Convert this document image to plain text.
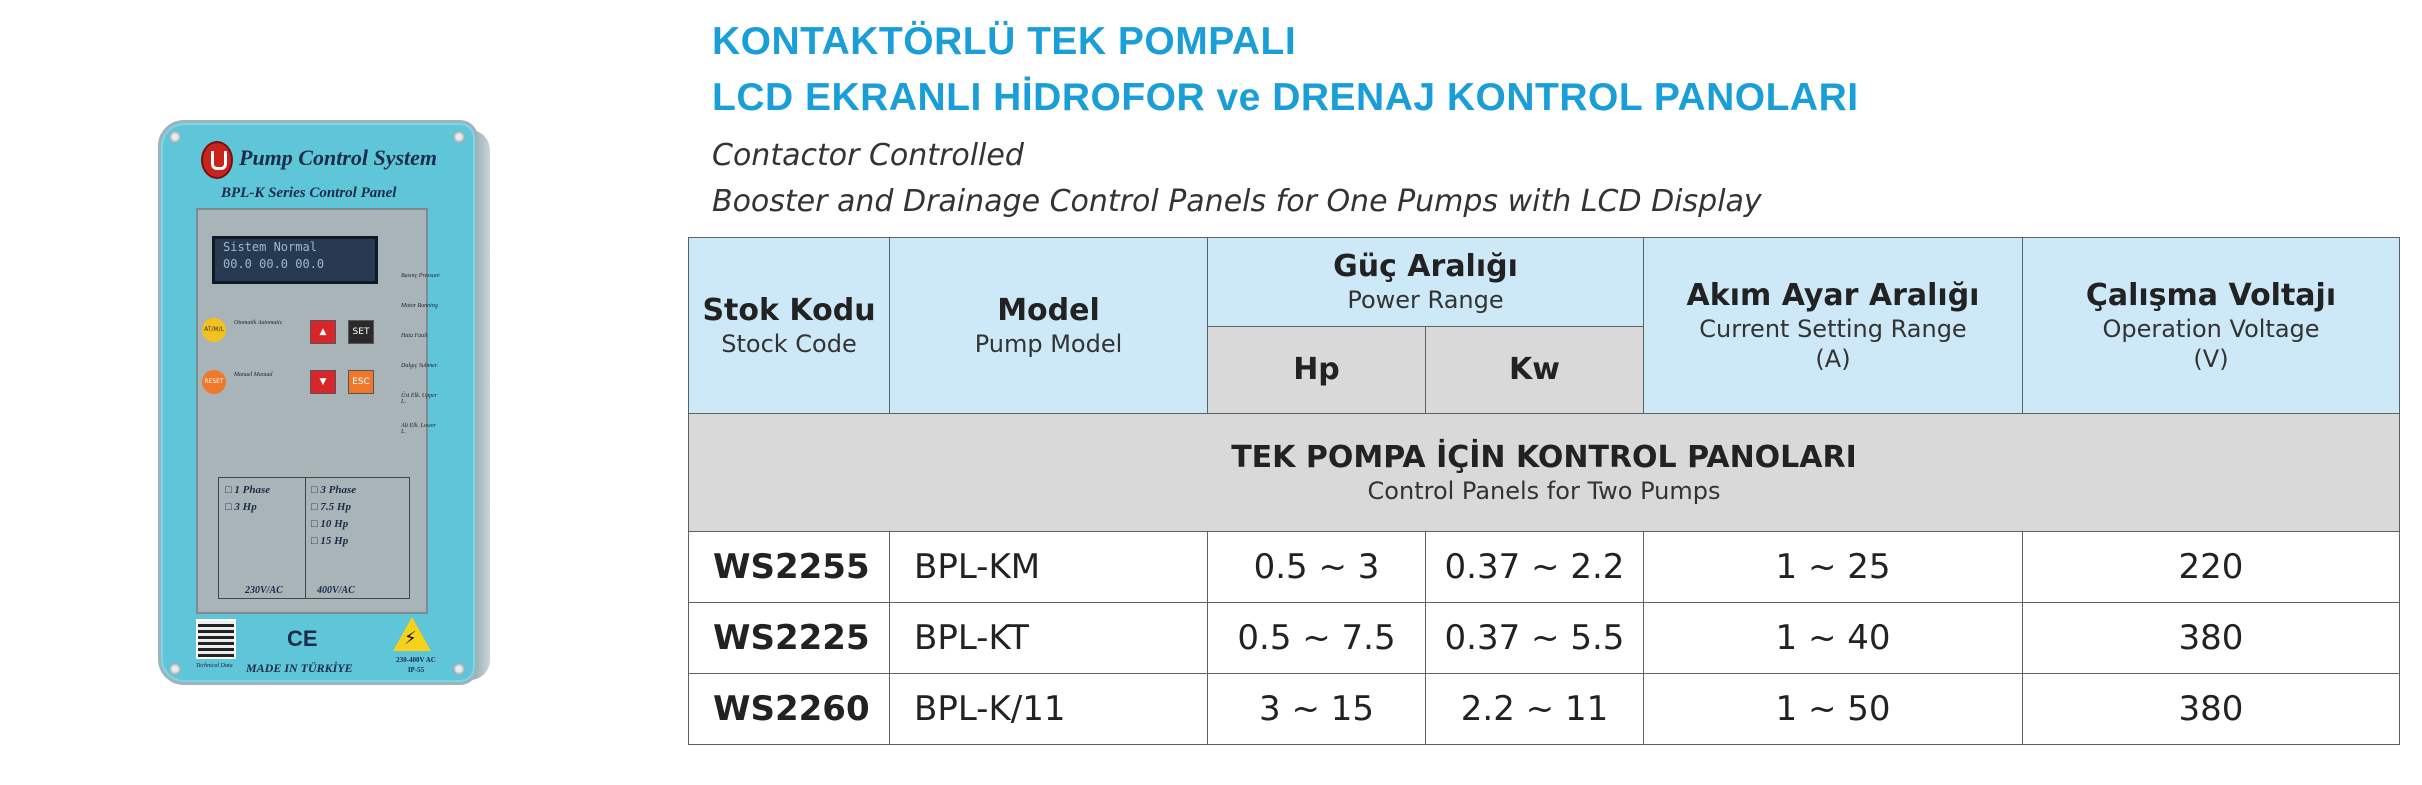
Pump Control System
BPL-K Series Control Panel
Sistem Normal
00.0 00.0 00.0
AT/M/L
Otomatik Automatic
RESET
Manuel Manual
▲	SET
▼	ESC
□ 1 Phase
□ 3 Hp
□ 3 Phase
□ 7.5 Hp
□ 10 Hp
□ 15 Hp
230V/AC	400V/AC
Basınç Pressure
Motor Running
Hata Fault
Dalgıç Submer.
Üst Elk. Upper L.
Alt Elk. Lower L.
Technical Data
CE
MADE IN TÜRKİYE
⚡
230-400V AC IP-55
KONTAKTÖRLÜ TEK POMPALI
LCD EKRANLI HİDROFOR ve DRENAJ KONTROL PANOLARI
Contactor Controlled
Booster and Drainage Control Panels for One Pumps with LCD Display
Stok Kodu
Stock Code
Model
Pump Model
Güç Aralığı
Power Range
Hp	Kw
Akım Ayar Aralığı
Current Setting Range
(A)
Çalışma Voltajı
Operation Voltage
(V)
TEK POMPA İÇİN KONTROL PANOLARI
Control Panels for Two Pumps
WS2255	BPL-KM	0.5 ~ 3	0.37 ~ 2.2	1 ~ 25	220
WS2225	BPL-KT	0.5 ~ 7.5	0.37 ~ 5.5	1 ~ 40	380
WS2260	BPL-K/11	3 ~ 15	2.2 ~ 11	1 ~ 50	380
